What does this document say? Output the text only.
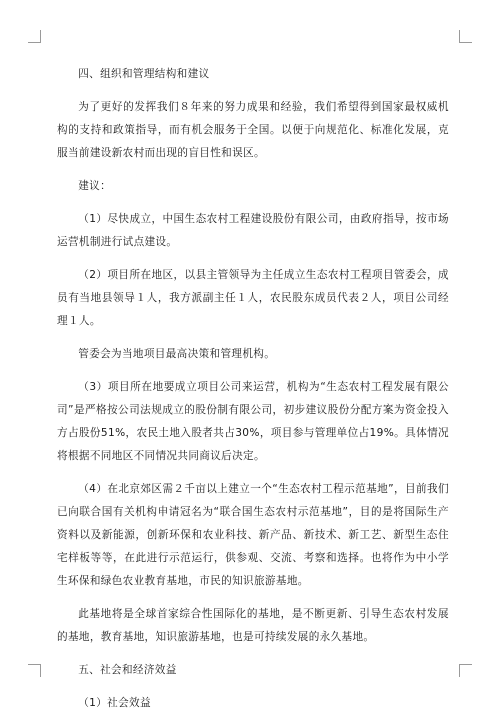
四、组织和管理结构和建议

为了更好的发挥我们８年来的努力成果和经验，我们希望得到国家最权威机构的支持和政策指导，而有机会服务于全国。以便于向规范化、标准化发展，克服当前建设新农村而出现的盲目性和误区。

建议：

（1）尽快成立，中国生态农村工程建设股份有限公司，由政府指导，按市场运营机制进行试点建设。

（2）项目所在地区，以县主管领导为主任成立生态农村工程项目管委会，成员有当地县领导１人，我方派副主任１人，农民股东成员代表２人，项目公司经理１人。

管委会为当地项目最高决策和管理机构。

（3）项目所在地要成立项目公司来运营，机构为“生态农村工程发展有限公司”是严格按公司法规成立的股份制有限公司，初步建议股份分配方案为资金投入方占股份51%，农民土地入股者共占30%，项目参与管理单位占19%。具体情况将根据不同地区不同情况共同商议后决定。

（4）在北京郊区需２千亩以上建立一个“生态农村工程示范基地”，目前我们已向联合国有关机构申请冠名为“联合国生态农村示范基地”，目的是将国际生产资料以及新能源，创新环保和农业科技、新产品、新技术、新工艺、新型生态住宅样板等等，在此进行示范运行，供参观、交流、考察和选择。也将作为中小学生环保和绿色农业教育基地，市民的知识旅游基地。

此基地将是全球首家综合性国际化的基地，是不断更新、引导生态农村发展的基地，教育基地，知识旅游基地，也是可持续发展的永久基地。

五、社会和经济效益

（1）社会效益
